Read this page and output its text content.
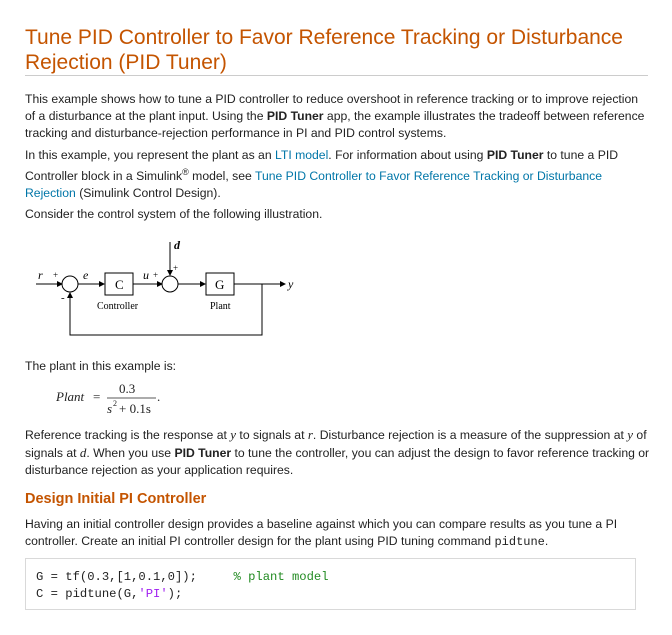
Tune PID Controller to Favor Reference Tracking or Disturbance Rejection (PID Tuner)

This example shows how to tune a PID controller to reduce overshoot in reference tracking or to improve rejection of a disturbance at the plant input. Using the PID Tuner app, the example illustrates the tradeoff between reference tracking and disturbance-rejection performance in PI and PID control systems.

In this example, you represent the plant as an LTI model. For information about using PID Tuner to tune a PID Controller block in a Simulink® model, see Tune PID Controller to Favor Reference Tracking or Disturbance Rejection (Simulink Control Design).

Consider the control system of the following illustration.

r +
-
e
C
Controller
u +
+
d
G
Plant
y

The plant in this example is:

Plant =
0.3
s 2 + 0.1s
.

Reference tracking is the response at y to signals at r. Disturbance rejection is a measure of the suppression at y of signals at d. When you use PID Tuner to tune the controller, you can adjust the design to favor reference tracking or disturbance rejection as your application requires.

Design Initial PI Controller

Having an initial controller design provides a baseline against which you can compare results as you tune a PI controller. Create an initial PI controller design for the plant using PID tuning command pidtune.

G = tf(0.3,[1,0.1,0]);     % plant model
C = pidtune(G,'PI');
